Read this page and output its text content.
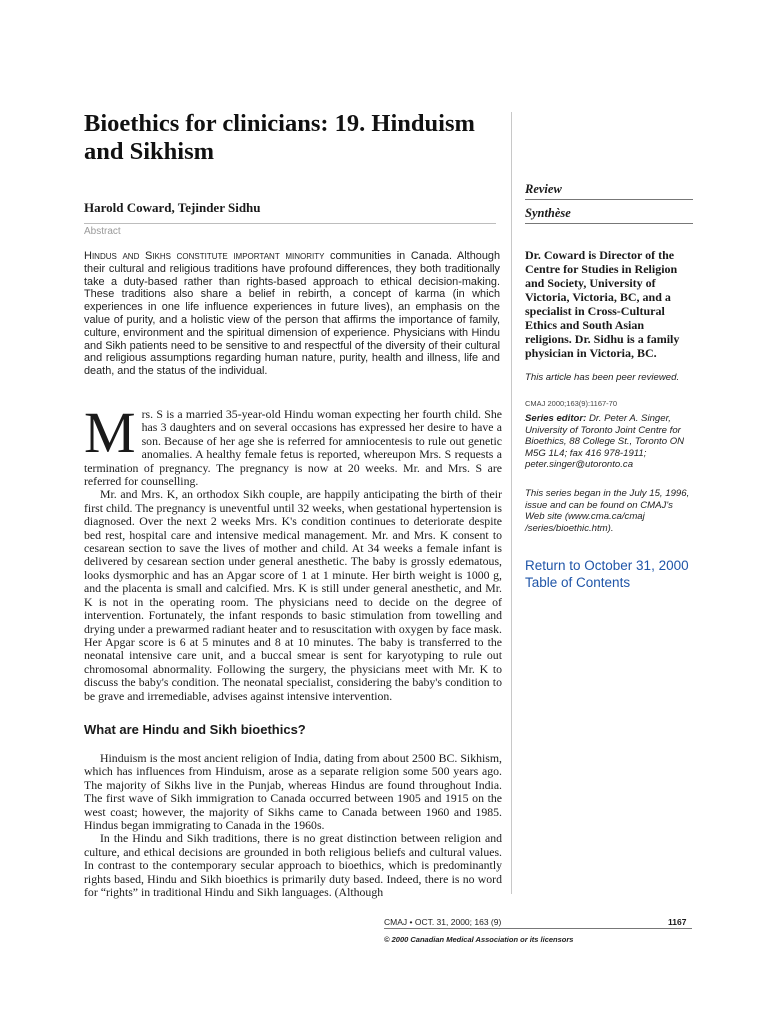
Bioethics for clinicians: 19. Hinduism and Sikhism

Harold Coward, Tejinder Sidhu

Abstract

Hindus and Sikhs constitute important minority communities in Canada. Although their cultural and religious traditions have profound differences, they both traditionally take a duty-based rather than rights-based approach to ethical decision-making. These traditions also share a belief in rebirth, a concept of karma (in which experiences in one life influence experiences in future lives), an emphasis on the value of purity, and a holistic view of the person that affirms the importance of family, culture, environment and the spiritual dimension of experience. Physicians with Hindu and Sikh patients need to be sensitive to and respectful of the diversity of their cultural and religious assumptions regarding human nature, purity, health and illness, life and death, and the status of the individual.

Mrs. S is a married 35-year-old Hindu woman expecting her fourth child. She has 3 daughters and on several occasions has expressed her desire to have a son. Because of her age she is referred for amniocentesis to rule out genetic anomalies. A healthy female fetus is reported, whereupon Mrs. S requests a termination of pregnancy. The pregnancy is now at 20 weeks. Mr. and Mrs. S are referred for counselling.

Mr. and Mrs. K, an orthodox Sikh couple, are happily anticipating the birth of their first child. The pregnancy is uneventful until 32 weeks, when gestational hypertension is diagnosed. Over the next 2 weeks Mrs. K's condition continues to deteriorate despite bed rest, hospital care and intensive medical management. Mr. and Mrs. K consent to cesarean section to save the lives of mother and child. At 34 weeks a female infant is delivered by cesarean section under general anesthetic. The baby is grossly edematous, looks dysmorphic and has an Apgar score of 1 at 1 minute. Her birth weight is 1000 g, and the placenta is small and calcified. Mrs. K is still under general anesthetic, and Mr. K is not in the operating room. The physicians need to decide on the degree of intervention. Fortunately, the infant responds to basic stimulation from towelling and drying under a prewarmed radiant heater and to resuscitation with oxygen by face mask. Her Apgar score is 6 at 5 minutes and 8 at 10 minutes. The baby is transferred to the neonatal intensive care unit, and a buccal smear is sent for karyotyping to rule out chromosomal abnormality. Following the surgery, the physicians meet with Mr. K to discuss the baby's condition. The neonatal specialist, considering the baby's condition to be grave and irremediable, advises against intensive intervention.

What are Hindu and Sikh bioethics?

Hinduism is the most ancient religion of India, dating from about 2500 BC. Sikhism, which has influences from Hinduism, arose as a separate religion some 500 years ago. The majority of Sikhs live in the Punjab, whereas Hindus are found throughout India. The first wave of Sikh immigration to Canada occurred between 1905 and 1915 on the west coast; however, the majority of Sikhs came to Canada between 1960 and 1985. Hindus began immigrating to Canada in the 1960s.

In the Hindu and Sikh traditions, there is no great distinction between religion and culture, and ethical decisions are grounded in both religious beliefs and cultural values. In contrast to the contemporary secular approach to bioethics, which is predominantly rights based, Hindu and Sikh bioethics is primarily duty based. Indeed, there is no word for “rights” in traditional Hindu and Sikh languages. (Although

Review
Synthèse

Dr. Coward is Director of the Centre for Studies in Religion and Society, University of Victoria, Victoria, BC, and a specialist in Cross-Cultural Ethics and South Asian religions. Dr. Sidhu is a family physician in Victoria, BC.

This article has been peer reviewed.

CMAJ 2000;163(9):1167-70

Series editor: Dr. Peter A. Singer, University of Toronto Joint Centre for Bioethics, 88 College St., Toronto ON M5G 1L4; fax 416 978-1911; peter.singer@utoronto.ca

This series began in the July 15, 1996, issue and can be found on CMAJ's Web site (www.cma.ca/cmaj /series/bioethic.htm).

Return to October 31, 2000
Table of Contents
CMAJ • OCT. 31, 2000; 163 (9)	1167
© 2000 Canadian Medical Association or its licensors
